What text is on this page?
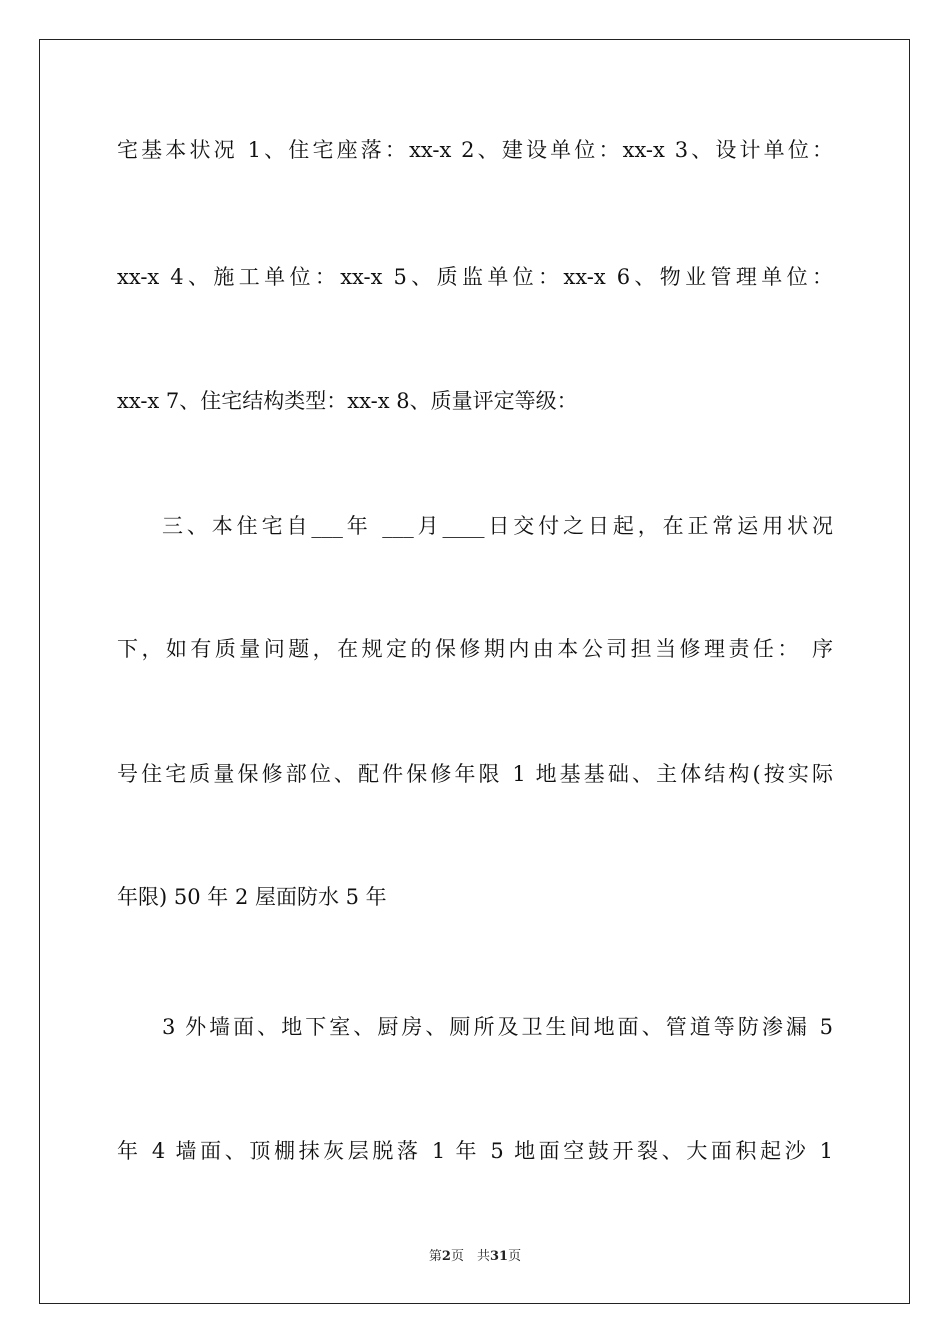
宅基本状况 1、住宅座落：xx-x 2、建设单位：xx-x 3、设计单位：
xx-x 4、施工单位：xx-x 5、质监单位：xx-x 6、物业管理单位：
xx-x 7、住宅结构类型：xx-x 8、质量评定等级：
三、本住宅自___年 ___月____日交付之日起，在正常运用状况
下，如有质量问题，在规定的保修期内由本公司担当修理责任： 序
号住宅质量保修部位、配件保修年限 1 地基基础、主体结构(按实际
年限) 50 年 2 屋面防水 5 年
3 外墙面、地下室、厨房、厕所及卫生间地面、管道等防渗漏 5
年 4 墙面、顶棚抹灰层脱落 1 年 5 地面空鼓开裂、大面积起沙 1
第2页　共31页
